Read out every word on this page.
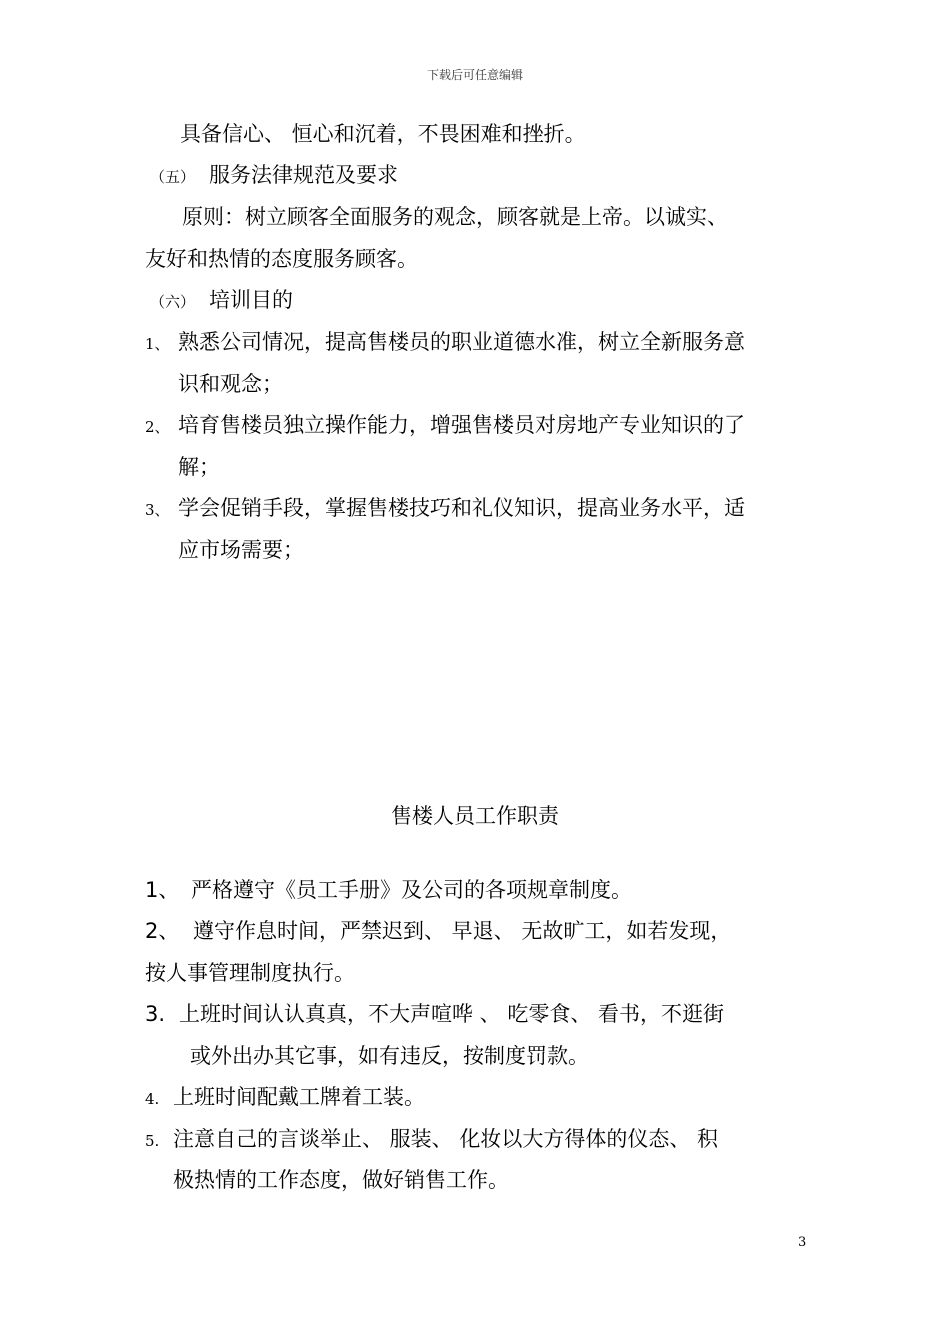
下载后可任意编辑
具备信心、 恒心和沉着，不畏困难和挫折。
（五） 服务法律规范及要求
原则：树立顾客全面服务的观念，顾客就是上帝。以诚实、
友好和热情的态度服务顾客。
（六） 培训目的
1、 熟悉公司情况，提高售楼员的职业道德水准，树立全新服务意
识和观念；
2、 培育售楼员独立操作能力，增强售楼员对房地产专业知识的了
解；
3、 学会促销手段，掌握售楼技巧和礼仪知识，提高业务水平，适
应市场需要；
售楼人员工作职责
1、 严格遵守《员工手册》及公司的各项规章制度。
2、 遵守作息时间，严禁迟到、 早退、 无故旷工，如若发现，
按人事管理制度执行。
3. 上班时间认认真真，不大声喧哗 、 吃零食、 看书，不逛街
或外出办其它事，如有违反，按制度罚款。
4. 上班时间配戴工牌着工装。
5. 注意自己的言谈举止、 服装、 化妆以大方得体的仪态、 积
极热情的工作态度，做好销售工作。
3
